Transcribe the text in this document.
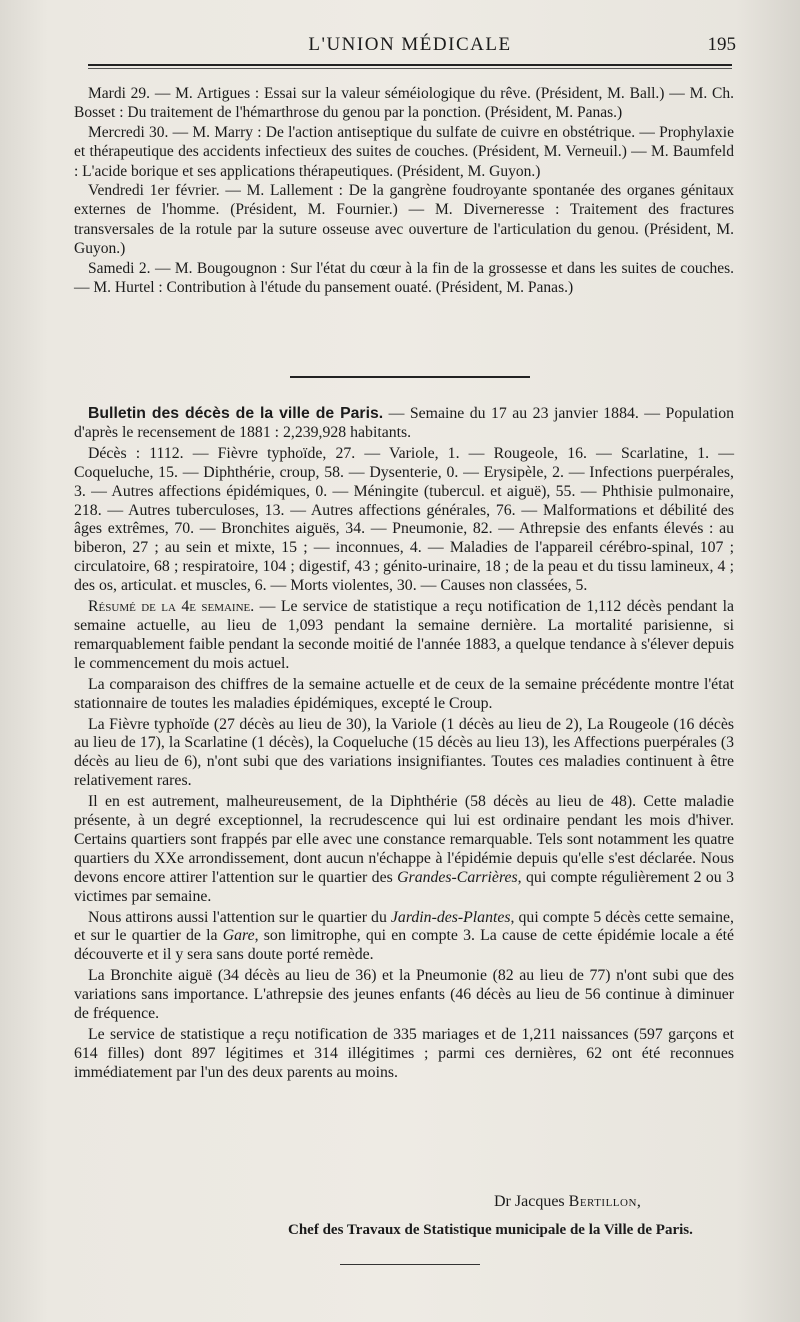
L'UNION MÉDICALE	195

Mardi 29. — M. Artigues : Essai sur la valeur séméiologique du rêve. (Président, M. Ball.) — M. Ch. Bosset : Du traitement de l'hémarthrose du genou par la ponction. (Président, M. Panas.)

Mercredi 30. — M. Marry : De l'action antiseptique du sulfate de cuivre en obstétrique. — Prophylaxie et thérapeutique des accidents infectieux des suites de couches. (Président, M. Verneuil.) — M. Baumfeld : L'acide borique et ses applications thérapeutiques. (Président, M. Guyon.)

Vendredi 1er février. — M. Lallement : De la gangrène foudroyante spontanée des organes génitaux externes de l'homme. (Président, M. Fournier.) — M. Diverneresse : Traitement des fractures transversales de la rotule par la suture osseuse avec ouverture de l'articulation du genou. (Président, M. Guyon.)

Samedi 2. — M. Bougougnon : Sur l'état du cœur à la fin de la grossesse et dans les suites de couches. — M. Hurtel : Contribution à l'étude du pansement ouaté. (Président, M. Panas.)

Bulletin des décès de la ville de Paris. — Semaine du 17 au 23 janvier 1884. — Population d'après le recensement de 1881 : 2,239,928 habitants.

Décès : 1112. — Fièvre typhoïde, 27. — Variole, 1. — Rougeole, 16. — Scarlatine, 1. — Coqueluche, 15. — Diphthérie, croup, 58. — Dysenterie, 0. — Erysipèle, 2. — Infections puerpérales, 3. — Autres affections épidémiques, 0. — Méningite (tubercul. et aiguë), 55. — Phthisie pulmonaire, 218. — Autres tuberculoses, 13. — Autres affections générales, 76. — Malformations et débilité des âges extrêmes, 70. — Bronchites aiguës, 34. — Pneumonie, 82. — Athrepsie des enfants élevés : au biberon, 27 ; au sein et mixte, 15 ; — inconnues, 4. — Maladies de l'appareil cérébro-spinal, 107 ; circulatoire, 68 ; respiratoire, 104 ; digestif, 43 ; génito-urinaire, 18 ; de la peau et du tissu lamineux, 4 ; des os, articulat. et muscles, 6. — Morts violentes, 30. — Causes non classées, 5.

Résumé de la 4e semaine. — Le service de statistique a reçu notification de 1,112 décès pendant la semaine actuelle, au lieu de 1,093 pendant la semaine dernière. La mortalité parisienne, si remarquablement faible pendant la seconde moitié de l'année 1883, a quelque tendance à s'élever depuis le commencement du mois actuel.

La comparaison des chiffres de la semaine actuelle et de ceux de la semaine précédente montre l'état stationnaire de toutes les maladies épidémiques, excepté le Croup.

La Fièvre typhoïde (27 décès au lieu de 30), la Variole (1 décès au lieu de 2), La Rougeole (16 décès au lieu de 17), la Scarlatine (1 décès), la Coqueluche (15 décès au lieu 13), les Affections puerpérales (3 décès au lieu de 6), n'ont subi que des variations insignifiantes. Toutes ces maladies continuent à être relativement rares.

Il en est autrement, malheureusement, de la Diphthérie (58 décès au lieu de 48). Cette maladie présente, à un degré exceptionnel, la recrudescence qui lui est ordinaire pendant les mois d'hiver. Certains quartiers sont frappés par elle avec une constance remarquable. Tels sont notamment les quatre quartiers du XXe arrondissement, dont aucun n'échappe à l'épidémie depuis qu'elle s'est déclarée. Nous devons encore attirer l'attention sur le quartier des Grandes-Carrières, qui compte régulièrement 2 ou 3 victimes par semaine.

Nous attirons aussi l'attention sur le quartier du Jardin-des-Plantes, qui compte 5 décès cette semaine, et sur le quartier de la Gare, son limitrophe, qui en compte 3. La cause de cette épidémie locale a été découverte et il y sera sans doute porté remède.

La Bronchite aiguë (34 décès au lieu de 36) et la Pneumonie (82 au lieu de 77) n'ont subi que des variations sans importance. L'athrepsie des jeunes enfants (46 décès au lieu de 56 continue à diminuer de fréquence.

Le service de statistique a reçu notification de 335 mariages et de 1,211 naissances (597 garçons et 614 filles) dont 897 légitimes et 314 illégitimes ; parmi ces dernières, 62 ont été reconnues immédiatement par l'un des deux parents au moins.

Dr Jacques Bertillon,
Chef des Travaux de Statistique municipale de la Ville de Paris.
